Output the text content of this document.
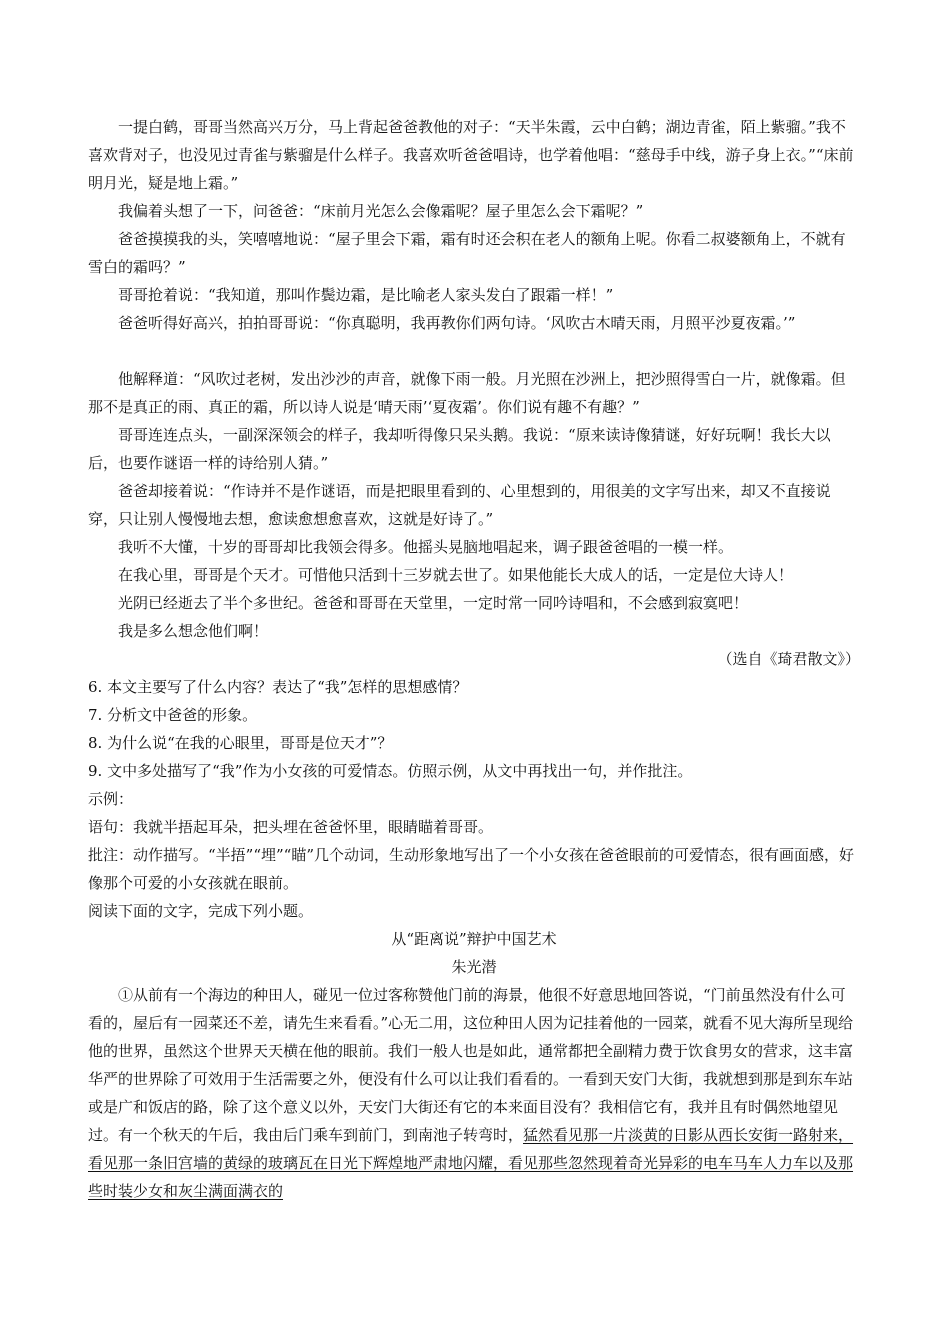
一提白鹤，哥哥当然高兴万分，马上背起爸爸教他的对子：“天半朱霞，云中白鹤；湖边青雀，陌上紫骝。”我不喜欢背对子，也没见过青雀与紫骝是什么样子。我喜欢听爸爸唱诗，也学着他唱：“慈母手中线，游子身上衣。”“床前明月光，疑是地上霜。”
我偏着头想了一下，问爸爸：“床前月光怎么会像霜呢？屋子里怎么会下霜呢？”
爸爸摸摸我的头，笑嘻嘻地说：“屋子里会下霜，霜有时还会积在老人的额角上呢。你看二叔婆额角上，不就有雪白的霜吗？”
哥哥抢着说：“我知道，那叫作鬓边霜，是比喻老人家头发白了跟霜一样！”
爸爸听得好高兴，拍拍哥哥说：“你真聪明，我再教你们两句诗。‘风吹古木晴天雨，月照平沙夏夜霜。’”
他解释道：“风吹过老树，发出沙沙的声音，就像下雨一般。月光照在沙洲上，把沙照得雪白一片，就像霜。但那不是真正的雨、真正的霜，所以诗人说是‘晴天雨’‘夏夜霜’。你们说有趣不有趣？”
哥哥连连点头，一副深深领会的样子，我却听得像只呆头鹅。我说：“原来读诗像猜谜，好好玩啊！我长大以后，也要作谜语一样的诗给别人猜。”
爸爸却接着说：“作诗并不是作谜语，而是把眼里看到的、心里想到的，用很美的文字写出来，却又不直接说穿，只让别人慢慢地去想，愈读愈想愈喜欢，这就是好诗了。”
我听不大懂，十岁的哥哥却比我领会得多。他摇头晃脑地唱起来，调子跟爸爸唱的一模一样。
在我心里，哥哥是个天才。可惜他只活到十三岁就去世了。如果他能长大成人的话，一定是位大诗人！
光阴已经逝去了半个多世纪。爸爸和哥哥在天堂里，一定时常一同吟诗唱和，不会感到寂寞吧！
我是多么想念他们啊！
（选自《琦君散文》）
6. 本文主要写了什么内容？表达了“我”怎样的思想感情？
7. 分析文中爸爸的形象。
8. 为什么说“在我的心眼里，哥哥是位天才”？
9. 文中多处描写了“我”作为小女孩的可爱情态。仿照示例，从文中再找出一句，并作批注。
示例：
语句：我就半捂起耳朵，把头埋在爸爸怀里，眼睛瞄着哥哥。
批注：动作描写。“半捂”“埋”“瞄”几个动词，生动形象地写出了一个小女孩在爸爸眼前的可爱情态，很有画面感，好像那个可爱的小女孩就在眼前。
阅读下面的文字，完成下列小题。
从“距离说”辩护中国艺术
朱光潜
①从前有一个海边的种田人，碰见一位过客称赞他门前的海景，他很不好意思地回答说，“门前虽然没有什么可看的，屋后有一园菜还不差，请先生来看看。”心无二用，这位种田人因为记挂着他的一园菜，就看不见大海所呈现给他的世界，虽然这个世界天天横在他的眼前。我们一般人也是如此，通常都把全副精力费于饮食男女的营求，这丰富华严的世界除了可效用于生活需要之外，便没有什么可以让我们看看的。一看到天安门大街，我就想到那是到东车站或是广和饭店的路，除了这个意义以外，天安门大街还有它的本来面目没有？我相信它有，我并且有时偶然地望见过。有一个秋天的午后，我由后门乘车到前门，到南池子转弯时，猛然看见那一片淡黄的日影从西长安街一路射来，看见那一条旧宫墙的黄绿的玻璃瓦在日光下辉煌地严肃地闪耀，看见那些忽然现着奇光异彩的电车马车人力车以及那些时装少女和灰尘满面满衣的
